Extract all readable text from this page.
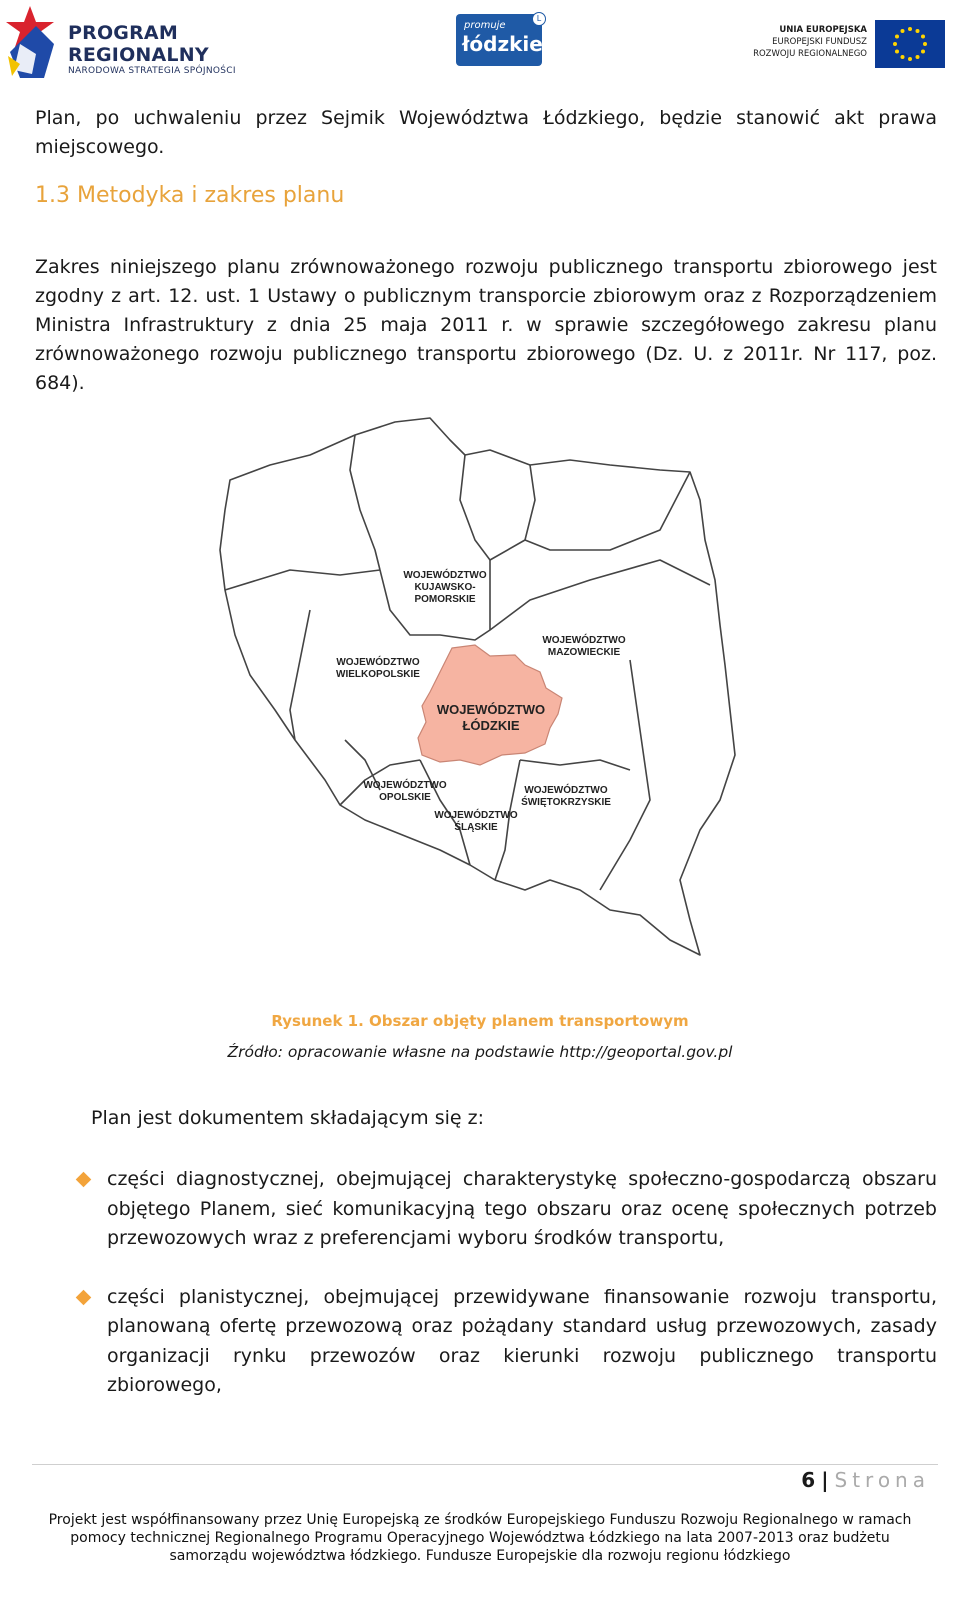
PROGRAM
REGIONALNY
NARODOWA STRATEGIA SPÓJNOŚCI
promuje
łódzkie
L
UNIA EUROPEJSKA
EUROPEJSKI FUNDUSZ
ROZWOJU REGIONALNEGO
Plan, po uchwaleniu przez Sejmik Województwa Łódzkiego, będzie stanowić akt prawa miejscowego.
1.3 Metodyka i zakres planu
Zakres niniejszego planu zrównoważonego rozwoju publicznego transportu zbiorowego jest zgodny z art. 12. ust. 1 Ustawy o publicznym transporcie zbiorowym oraz z Rozporządzeniem Ministra Infrastruktury z dnia 25 maja 2011 r. w sprawie szczegółowego zakresu planu zrównoważonego rozwoju publicznego transportu zbiorowego (Dz. U. z 2011r. Nr 117, poz. 684).
WOJEWÓDZTWO
KUJAWSKO-
POMORSKIE
WOJEWÓDZTWO
MAZOWIECKIE
WOJEWÓDZTWO
WIELKOPOLSKIE
WOJEWÓDZTWO
ŁÓDZKIE
WOJEWÓDZTWO
OPOLSKIE
WOJEWÓDZTWO
ŚWIĘTOKRZYSKIE
WOJEWÓDZTWO
ŚLĄSKIE
Rysunek 1. Obszar objęty planem transportowym
Źródło: opracowanie własne na podstawie http://geoportal.gov.pl
Plan jest dokumentem składającym się z:
części diagnostycznej, obejmującej charakterystykę społeczno-gospodarczą obszaru objętego Planem, sieć komunikacyjną tego obszaru oraz ocenę społecznych potrzeb przewozowych wraz z preferencjami wyboru środków transportu,
części planistycznej, obejmującej przewidywane finansowanie rozwoju transportu, planowaną ofertę przewozową oraz pożądany standard usług przewozowych, zasady organizacji rynku przewozów oraz kierunki rozwoju publicznego transportu zbiorowego,
6 | Strona
Projekt jest współfinansowany przez Unię Europejską ze środków Europejskiego Funduszu Rozwoju Regionalnego w ramach
pomocy technicznej Regionalnego Programu Operacyjnego Województwa Łódzkiego na lata 2007-2013 oraz budżetu
samorządu województwa łódzkiego. Fundusze Europejskie dla rozwoju regionu łódzkiego
